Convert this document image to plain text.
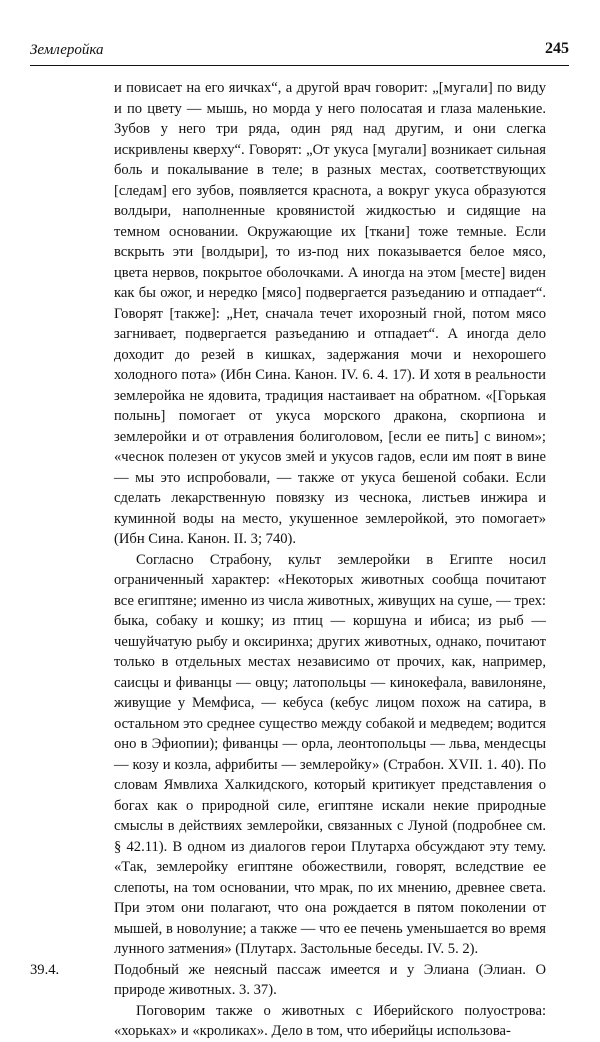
Землеройка	245

и повисает на его яичках“, а другой врач говорит: „[мугали] по виду и по цвету — мышь, но морда у него полосатая и глаза маленькие. Зубов у него три ряда, один ряд над другим, и они слегка искривлены кверху“. Говорят: „От укуса [мугали] возникает сильная боль и покалывание в теле; в разных местах, соответствующих [следам] его зубов, появляется краснота, а вокруг укуса образуются волдыри, наполненные кровянистой жидкостью и сидящие на темном основании. Окружающие их [ткани] тоже темные. Если вскрыть эти [волдыри], то из-под них показывается белое мясо, цвета нервов, покрытое оболочками. А иногда на этом [месте] виден как бы ожог, и нередко [мясо] подвергается разъеданию и отпадает“. Говорят [также]: „Нет, сначала течет ихорозный гной, потом мясо загнивает, подвергается разъеданию и отпадает“. А иногда дело доходит до резей в кишках, задержания мочи и нехорошего холодного пота» (Ибн Сина. Канон. IV. 6. 4. 17). И хотя в реальности землеройка не ядовита, традиция настаивает на обратном. «[Горькая полынь] помогает от укуса морского дракона, скорпиона и землеройки и от отравления болиголовом, [если ее пить] с вином»; «чеснок полезен от укусов змей и укусов гадов, если им поят в вине — мы это испробовали, — также от укуса бешеной собаки. Если сделать лекарственную повязку из чеснока, листьев инжира и куминной воды на место, укушенное землеройкой, это помогает» (Ибн Сина. Канон. II. 3; 740).

Согласно Страбону, культ землеройки в Египте носил ограниченный характер: «Некоторых животных сообща почитают все египтяне; именно из числа животных, живущих на суше, — трех: быка, собаку и кошку; из птиц — коршуна и ибиса; из рыб — чешуйчатую рыбу и оксиринха; других животных, однако, почитают только в отдельных местах независимо от прочих, как, например, саисцы и фиванцы — овцу; латопольцы — кинокефала, вавилоняне, живущие у Мемфиса, — кебуса (кебус лицом похож на сатира, в остальном это среднее существо между собакой и медведем; водится оно в Эфиопии); фиванцы — орла, леонтопольцы — льва, мендесцы — козу и козла, африбиты — землеройку» (Страбон. XVII. 1. 40). По словам Ямвлиха Халкидского, который критикует представления о богах как о природной силе, египтяне искали некие природные смыслы в действиях землеройки, связанных с Луной (подробнее см. § 42.11). В одном из диалогов герои Плутарха обсуждают эту тему. «Так, землеройку египтяне обожествили, говорят, вследствие ее слепоты, на том основании, что мрак, по их мнению, древнее света. При этом они полагают, что она рождается в пятом поколении от мышей, в новолуние; а также — что ее печень уменьшается во время лунного затмения» (Плутарх. Застольные беседы. IV. 5. 2).

39.4.	Подобный же неясный пассаж имеется и у Элиана (Элиан. О природе животных. 3. 37).

Поговорим также о животных с Иберийского полуострова: «хорьках» и «кроликах». Дело в том, что иберийцы использова-
